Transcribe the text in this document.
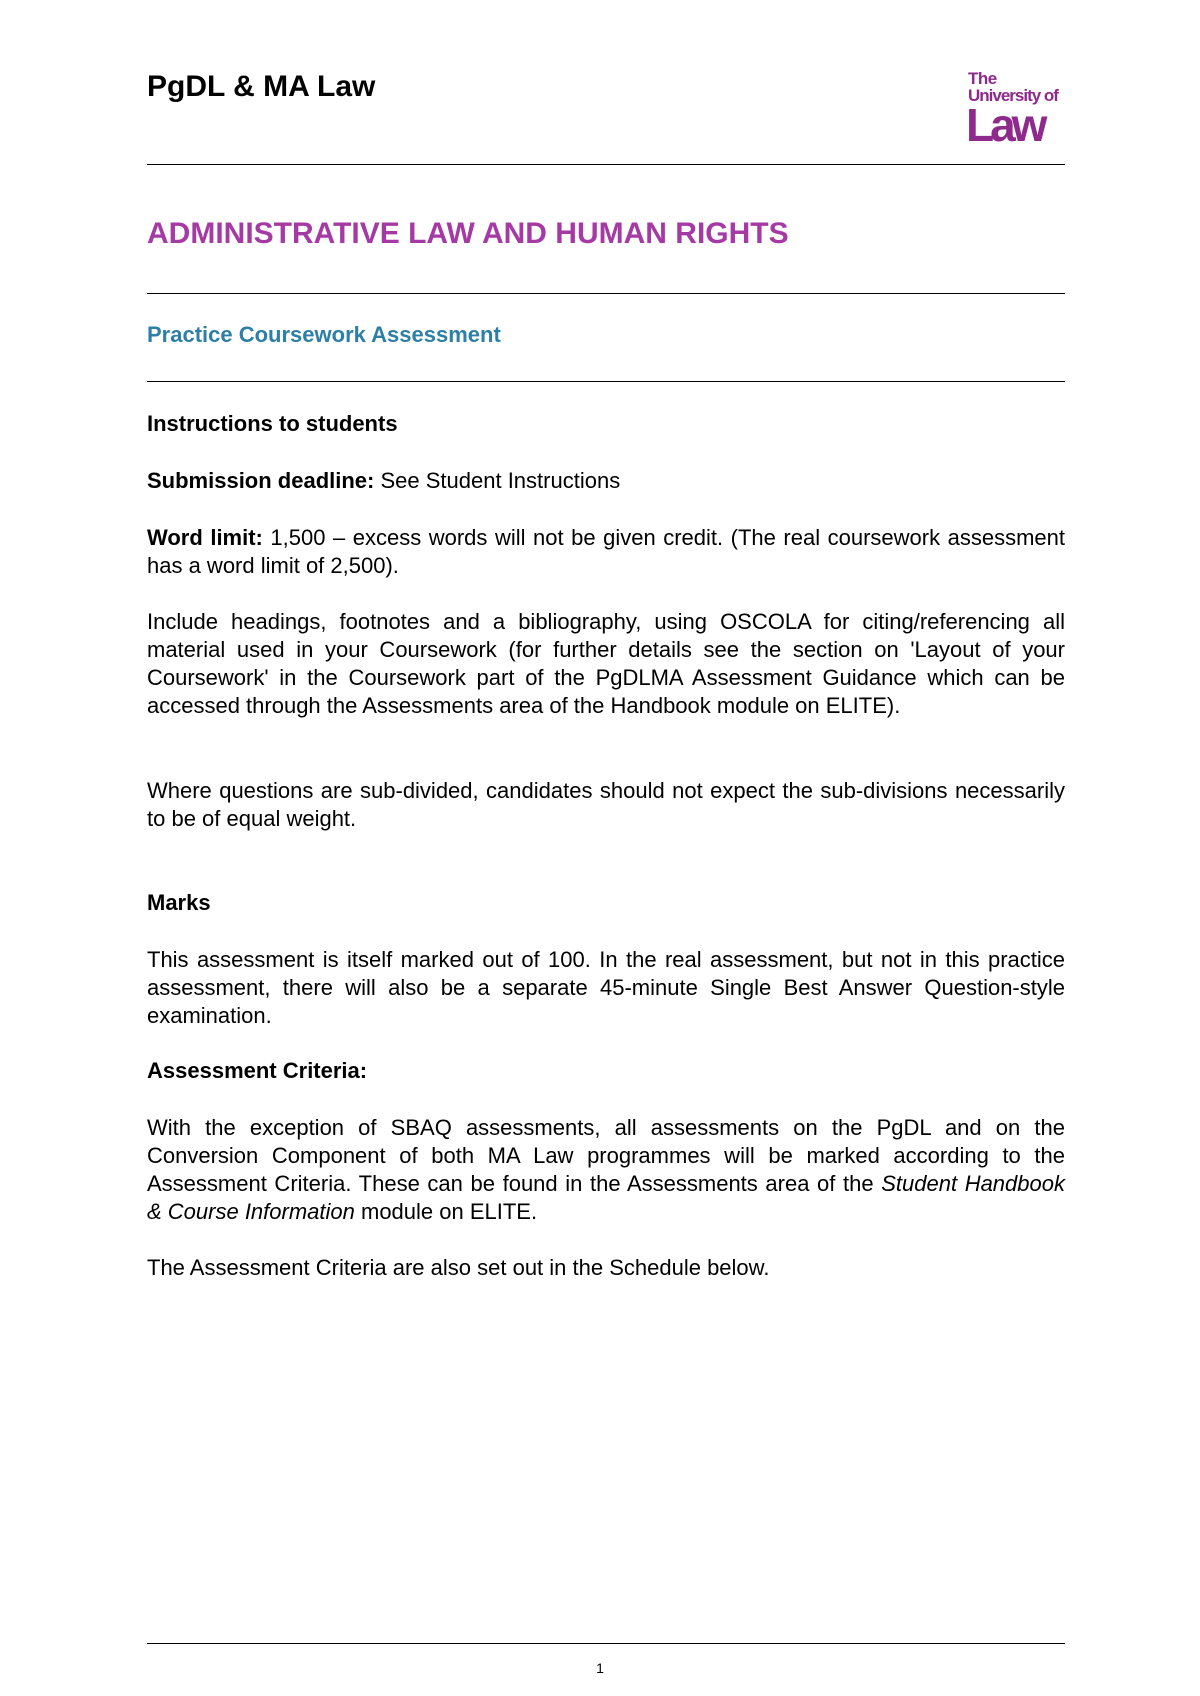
PgDL & MA Law	The
University of
Law
ADMINISTRATIVE LAW AND HUMAN RIGHTS
Practice Coursework Assessment

Instructions to students

Submission deadline: See Student Instructions

Word limit: 1,500 – excess words will not be given credit. (The real coursework assessment has a word limit of 2,500).

Include headings, footnotes and a bibliography, using OSCOLA for citing/referencing all material used in your Coursework (for further details see the section on 'Layout of your Coursework' in the Coursework part of the PgDLMA Assessment Guidance which can be accessed through the Assessments area of the Handbook module on ELITE).

Where questions are sub-divided, candidates should not expect the sub-divisions necessarily to be of equal weight.

Marks

This assessment is itself marked out of 100. In the real assessment, but not in this practice assessment, there will also be a separate 45-minute Single Best Answer Question-style examination.

Assessment Criteria:

With the exception of SBAQ assessments, all assessments on the PgDL and on the Conversion Component of both MA Law programmes will be marked according to the Assessment Criteria. These can be found in the Assessments area of the Student Handbook & Course Information module on ELITE.

The Assessment Criteria are also set out in the Schedule below.

1
